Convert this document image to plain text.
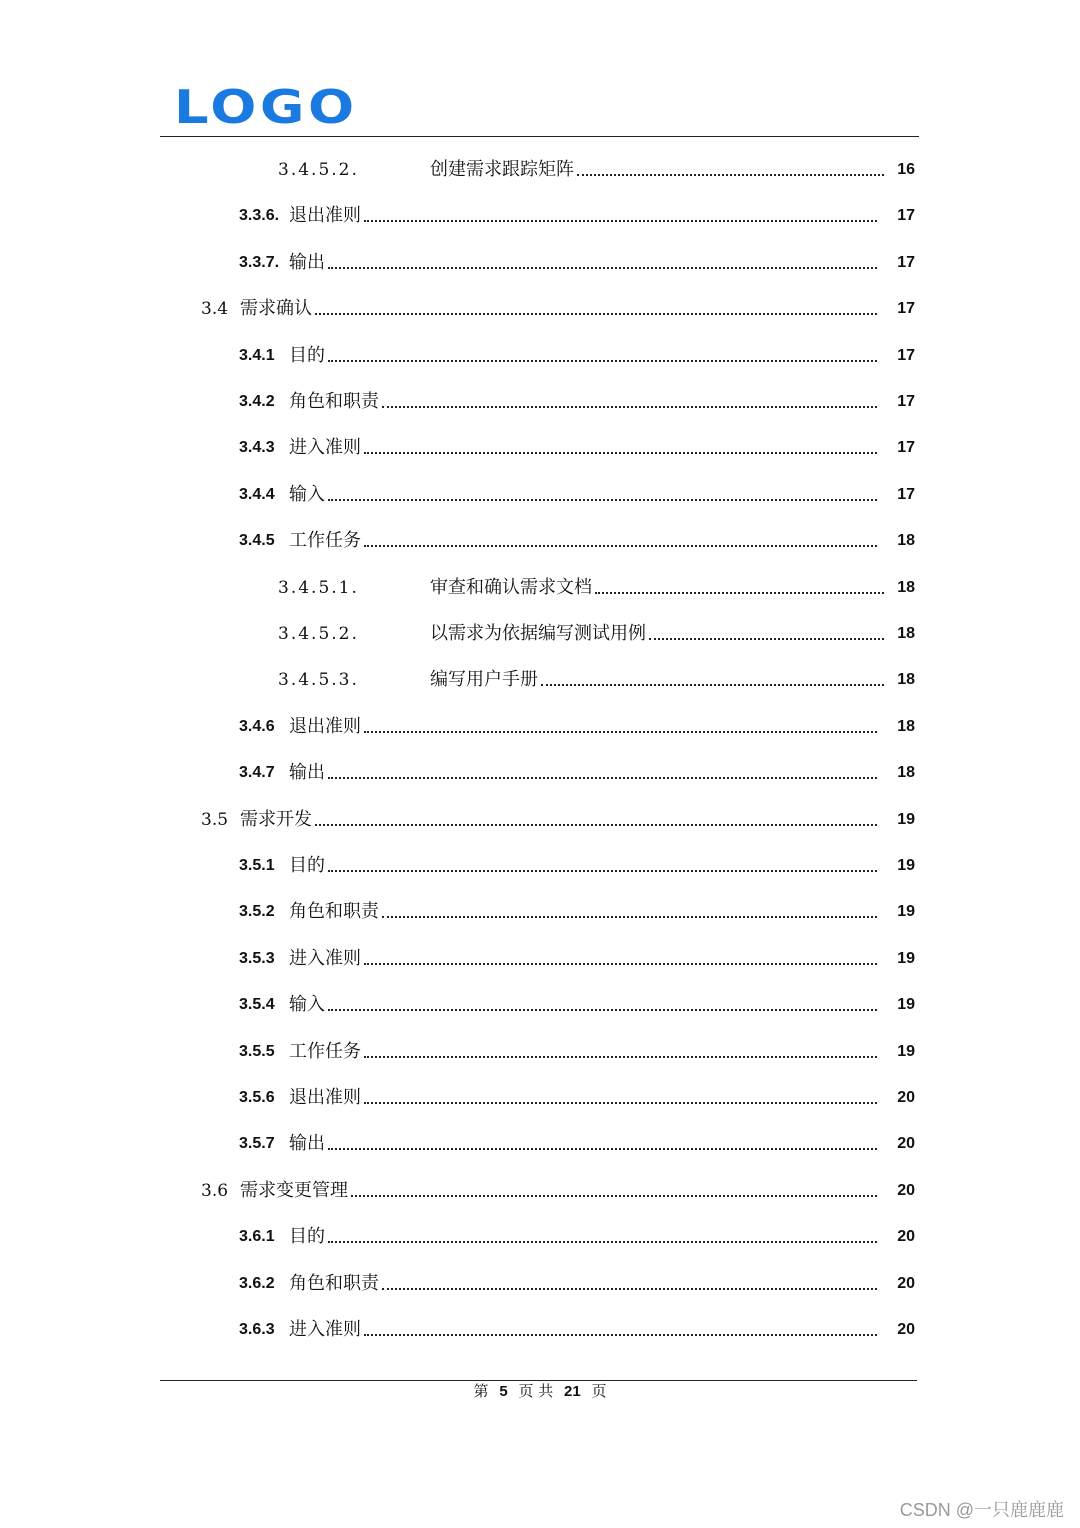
LOGO
3.4.5.2.	创建需求跟踪矩阵	16
3.3.6. 退出准则	17
3.3.7. 输出	17
3.4 需求确认	17
3.4.1 目的	17
3.4.2 角色和职责	17
3.4.3 进入准则	17
3.4.4 输入	17
3.4.5 工作任务	18
3.4.5.1.	审查和确认需求文档	18
3.4.5.2.	以需求为依据编写测试用例	18
3.4.5.3.	编写用户手册	18
3.4.6 退出准则	18
3.4.7 输出	18
3.5 需求开发	19
3.5.1 目的	19
3.5.2 角色和职责	19
3.5.3 进入准则	19
3.5.4 输入	19
3.5.5 工作任务	19
3.5.6 退出准则	20
3.5.7 输出	20
3.6 需求变更管理	20
3.6.1 目的	20
3.6.2 角色和职责	20
3.6.3 进入准则	20
第 5 页 共 21 页
CSDN @一只鹿鹿鹿
